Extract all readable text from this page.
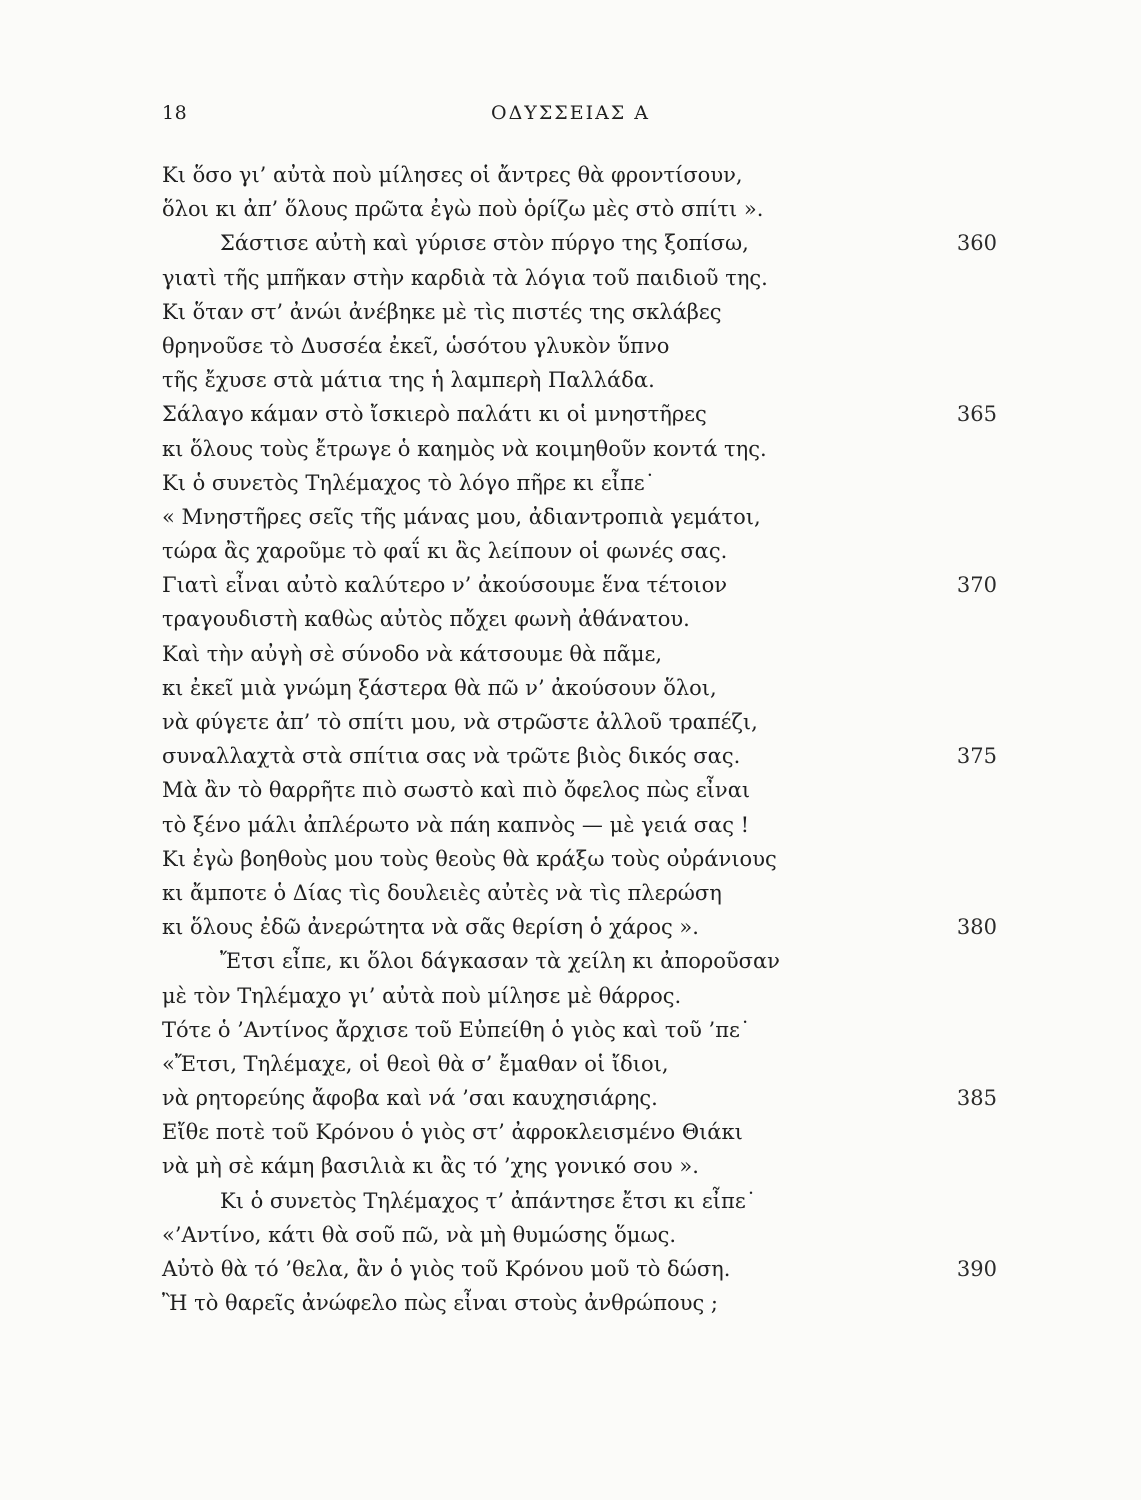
18	ΟΔΥΣΣΕΙΑΣ Α
Κι ὅσο γι’ αὐτὰ ποὺ μίλησες οἱ ἄντρες θὰ φροντίσουν,
ὅλοι κι ἀπ’ ὅλους πρῶτα ἐγὼ ποὺ ὁρίζω μὲς στὸ σπίτι ».
Σάστισε αὐτὴ καὶ γύρισε στὸν πύργο της ξοπίσω,	360
γιατὶ τῆς μπῆκαν στὴν καρδιὰ τὰ λόγια τοῦ παιδιοῦ της.
Κι ὅταν στ’ ἀνώι ἀνέβηκε μὲ τὶς πιστές της σκλάβες
θρηνοῦσε τὸ Δυσσέα ἐκεῖ, ὡσότου γλυκὸν ὕπνο
τῆς ἔχυσε στὰ μάτια της ἡ λαμπερὴ Παλλάδα.
Σάλαγο κάμαν στὸ ἴσκιερὸ παλάτι κι οἱ μνηστῆρες	365
κι ὅλους τοὺς ἔτρωγε ὁ καημὸς νὰ κοιμηθοῦν κοντά της.
Κι ὁ συνετὸς Τηλέμαχος τὸ λόγο πῆρε κι εἶπε˙
« Μνηστῆρες σεῖς τῆς μάνας μου, ἀδιαντροπιὰ γεμάτοι,
τώρα ἂς χαροῦμε τὸ φαΐ κι ἂς λείπουν οἱ φωνές σας.
Γιατὶ εἶναι αὐτὸ καλύτερο ν’ ἀκούσουμε ἕνα τέτοιον	370
τραγουδιστὴ καθὼς αὐτὸς πὄχει φωνὴ ἀθάνατου.
Καὶ τὴν αὐγὴ σὲ σύνοδο νὰ κάτσουμε θὰ πᾶμε,
κι ἐκεῖ μιὰ γνώμη ξάστερα θὰ πῶ ν’ ἀκούσουν ὅλοι,
νὰ φύγετε ἀπ’ τὸ σπίτι μου, νὰ στρῶστε ἀλλοῦ τραπέζι,
συναλλαχτὰ στὰ σπίτια σας νὰ τρῶτε βιὸς δικός σας.	375
Μὰ ἂν τὸ θαρρῆτε πιὸ σωστὸ καὶ πιὸ ὄφελος πὼς εἶναι
τὸ ξένο μάλι ἀπλέρωτο νὰ πάη καπνὸς — μὲ γειά σας !
Κι ἐγὼ βοηθοὺς μου τοὺς θεοὺς θὰ κράξω τοὺς οὐράνιους
κι ἄμποτε ὁ Δίας τὶς δουλειὲς αὐτὲς νὰ τὶς πλερώση
κι ὅλους ἐδῶ ἀνερώτητα νὰ σᾶς θερίση ὁ χάρος ».	380
Ἔτσι εἶπε, κι ὅλοι δάγκασαν τὰ χείλη κι ἀποροῦσαν
μὲ τὸν Τηλέμαχο γι’ αὐτὰ ποὺ μίλησε μὲ θάρρος.
Τότε ὁ ’Αντίνος ἄρχισε τοῦ Εὐπείθη ὁ γιὸς καὶ τοῦ ’πε˙
«Ἔτσι, Τηλέμαχε, οἱ θεοὶ θὰ σ’ ἔμαθαν οἱ ἴδιοι,
νὰ ρητορεύης ἄφοβα καὶ νά ’σαι καυχησιάρης.	385
Εἴθε ποτὲ τοῦ Κρόνου ὁ γιὸς στ’ ἀφροκλεισμένο Θιάκι
νὰ μὴ σὲ κάμη βασιλιὰ κι ἂς τό ’χης γονικό σου ».
Κι ὁ συνετὸς Τηλέμαχος τ’ ἀπάντησε ἔτσι κι εἶπε˙
«’Αντίνο, κάτι θὰ σοῦ πῶ, νὰ μὴ θυμώσης ὅμως.
Αὐτὸ θὰ τό ’θελα, ἂν ὁ γιὸς τοῦ Κρόνου μοῦ τὸ δώση.	390
Ἢ τὸ θαρεῖς ἀνώφελο πὼς εἶναι στοὺς ἀνθρώπους ;
